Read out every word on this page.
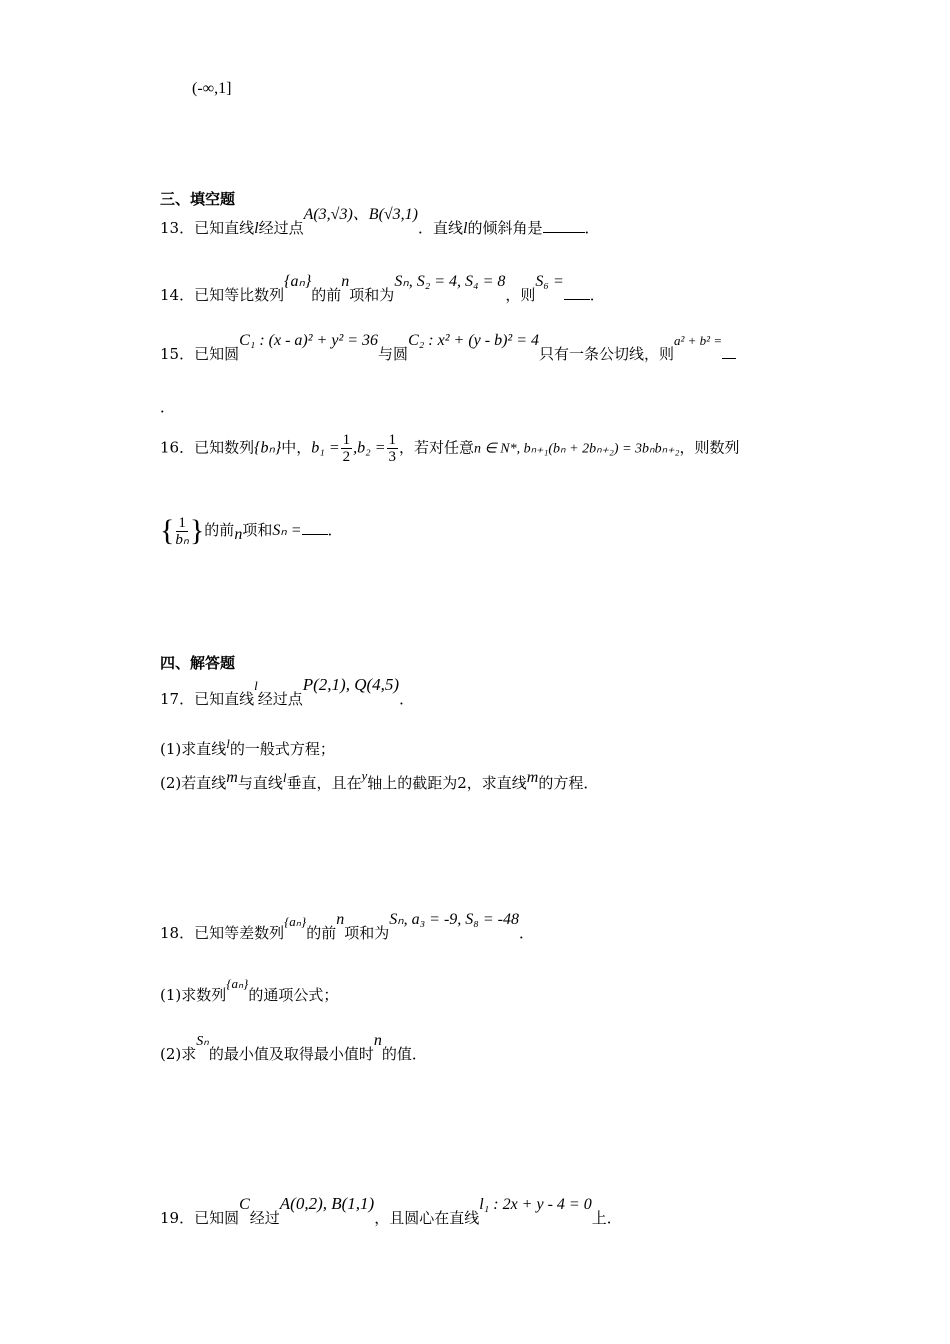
(-∞,1]
三、填空题
13．已知直线l经过点A(3,√3)、B(√3,1)．直线l的倾斜角是	．
14．已知等比数列{aₙ}的前n项和为Sₙ, S₂ = 4, S₄ = 8，则S₆ =．
15．已知圆C₁ : (x - a)² + y² = 36与圆C₂ : x² + (y - b)² = 4只有一条公切线，则a² + b² =
．
16．已知数列{bₙ}中，$b_1 = \frac{1}{2} ,b_2 = \frac{1}{3}$ ，若对任意n ∈ N*, bₙ₊₁(bₙ + 2bₙ₊₂) = 3bₙbₙ₊₂，则数列
{ $\frac{1}{\text{bₙ}}$ }的前n项和Sₙ = ．
四、解答题
17．已知直线l经过点P(2,1), Q(4,5)．
(1)求直线l的一般式方程；
(2)若直线m与直线l垂直，且在y轴上的截距为2，求直线m的方程．
18．已知等差数列{aₙ}的前n项和为Sₙ, a₃ = -9, S₈ = -48．
(1)求数列{aₙ}的通项公式；
(2)求Sₙ的最小值及取得最小值时n的值．
19．已知圆C经过A(0,2), B(1,1)，且圆心在直线l₁ : 2x + y - 4 = 0上．
